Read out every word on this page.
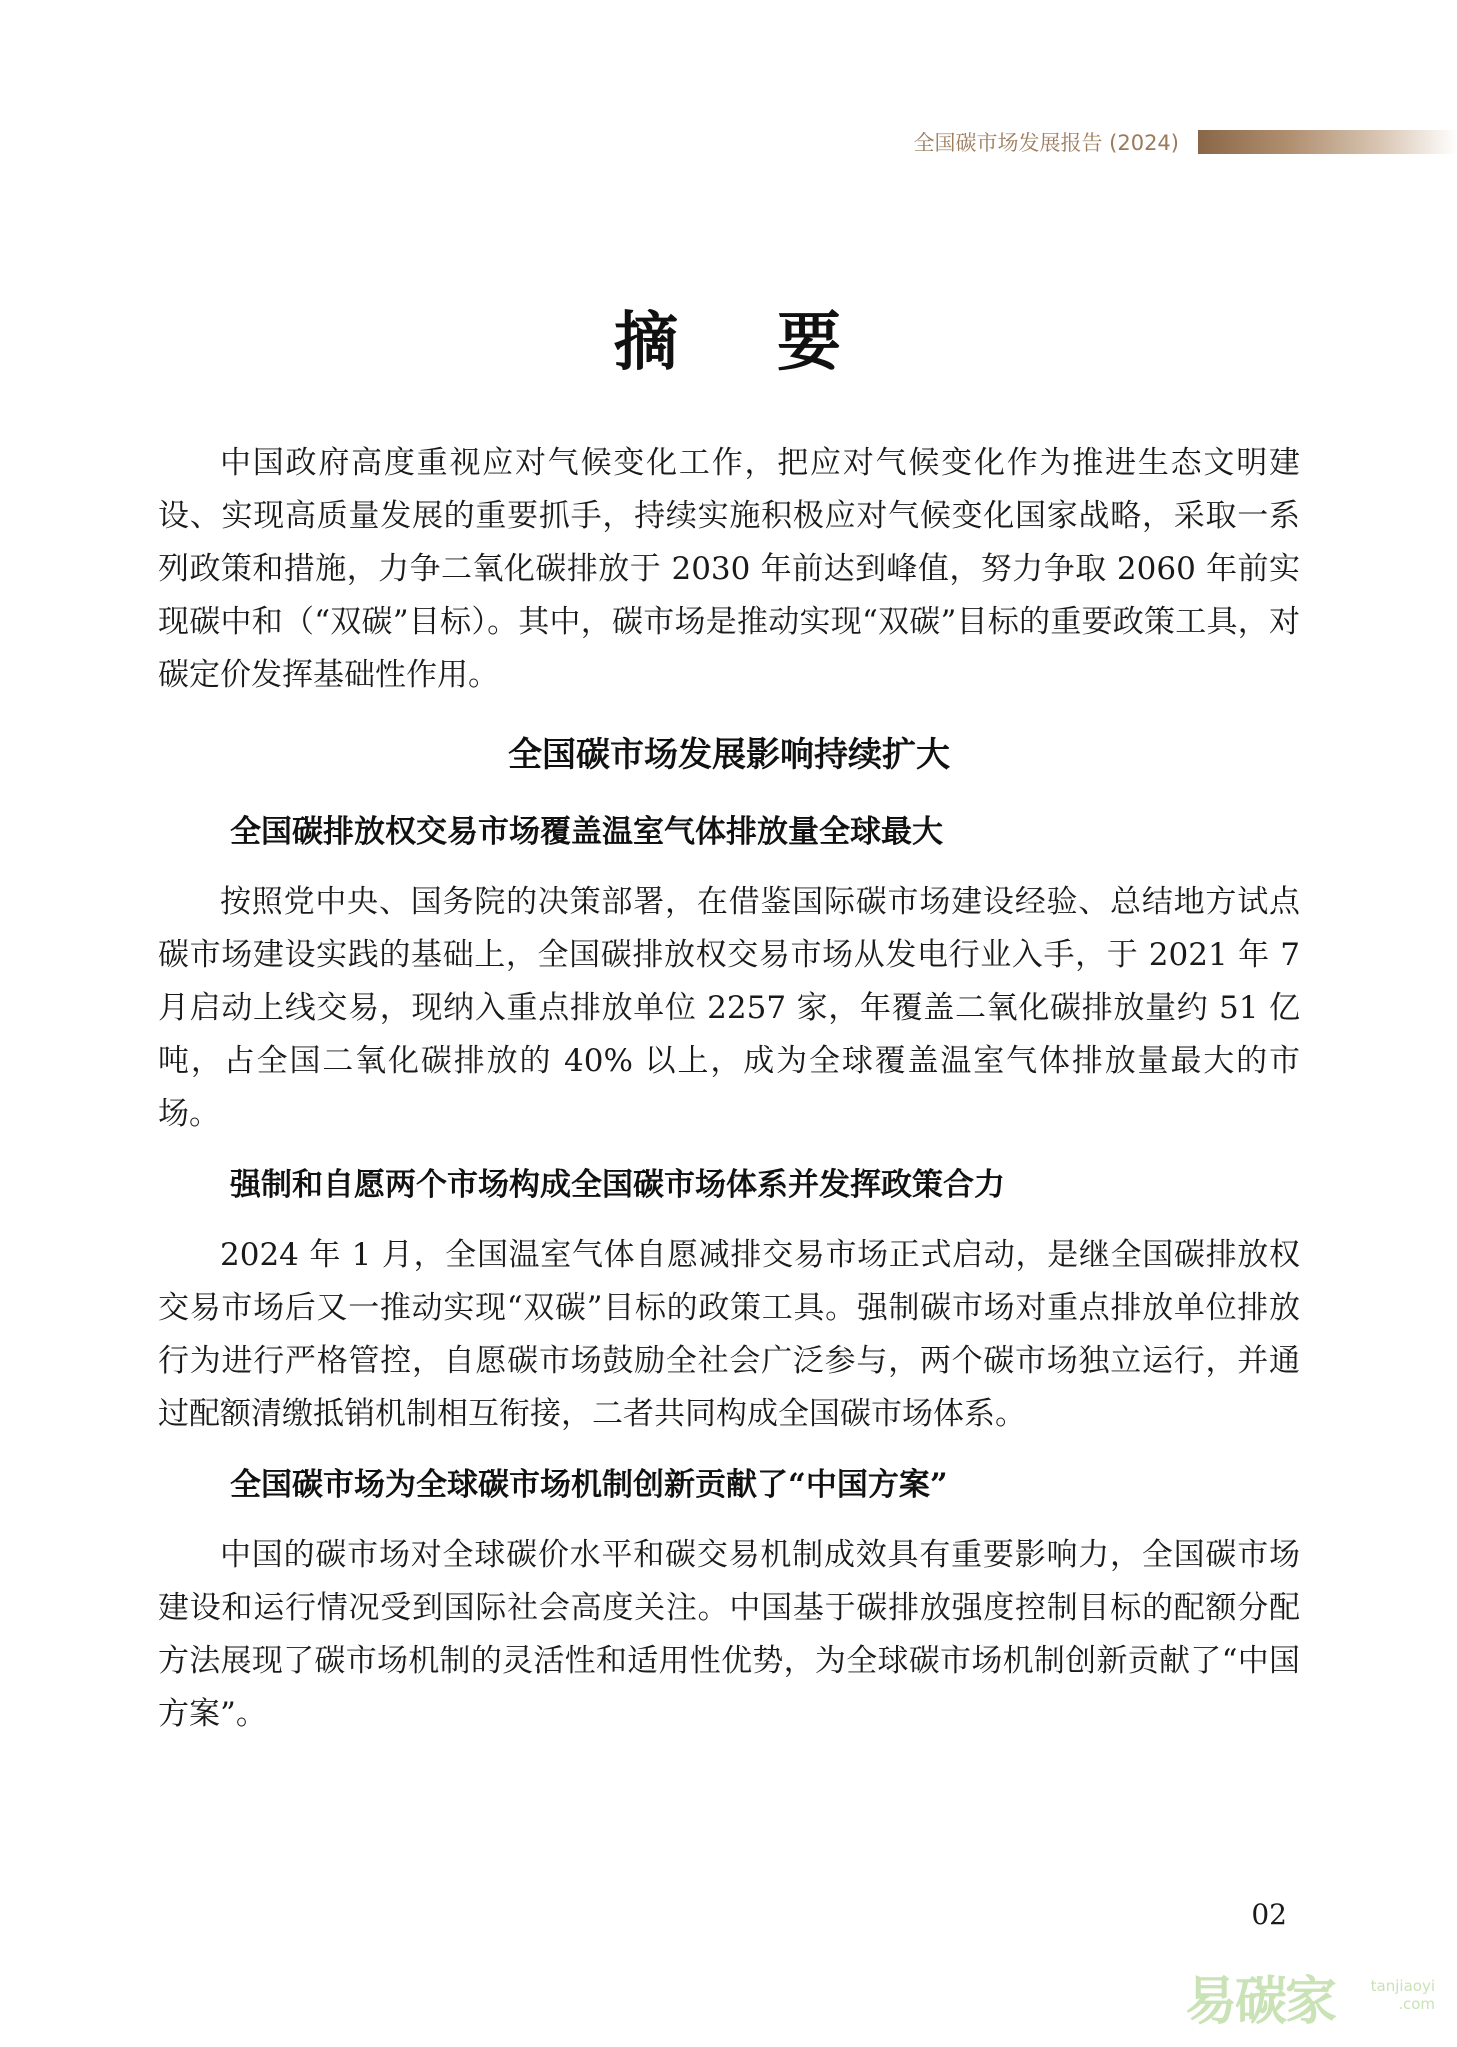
全国碳市场发展报告 (2024)
摘    要

中国政府高度重视应对气候变化工作，把应对气候变化作为推进生态文明建设、实现高质量发展的重要抓手，持续实施积极应对气候变化国家战略，采取一系列政策和措施，力争二氧化碳排放于 2030 年前达到峰值，努力争取 2060 年前实现碳中和（“双碳”目标）。其中，碳市场是推动实现“双碳”目标的重要政策工具，对碳定价发挥基础性作用。

全国碳市场发展影响持续扩大
全国碳排放权交易市场覆盖温室气体排放量全球最大

按照党中央、国务院的决策部署，在借鉴国际碳市场建设经验、总结地方试点碳市场建设实践的基础上，全国碳排放权交易市场从发电行业入手，于 2021 年 7 月启动上线交易，现纳入重点排放单位 2257 家，年覆盖二氧化碳排放量约 51 亿吨，占全国二氧化碳排放的 40% 以上，成为全球覆盖温室气体排放量最大的市场。

强制和自愿两个市场构成全国碳市场体系并发挥政策合力

2024 年 1 月，全国温室气体自愿减排交易市场正式启动，是继全国碳排放权交易市场后又一推动实现“双碳”目标的政策工具。强制碳市场对重点排放单位排放行为进行严格管控，自愿碳市场鼓励全社会广泛参与，两个碳市场独立运行，并通过配额清缴抵销机制相互衔接，二者共同构成全国碳市场体系。

全国碳市场为全球碳市场机制创新贡献了“中国方案”

中国的碳市场对全球碳价水平和碳交易机制成效具有重要影响力，全国碳市场建设和运行情况受到国际社会高度关注。中国基于碳排放强度控制目标的配额分配方法展现了碳市场机制的灵活性和适用性优势，为全球碳市场机制创新贡献了“中国方案”。

02
易碳家 tanjiaoyi
.com
